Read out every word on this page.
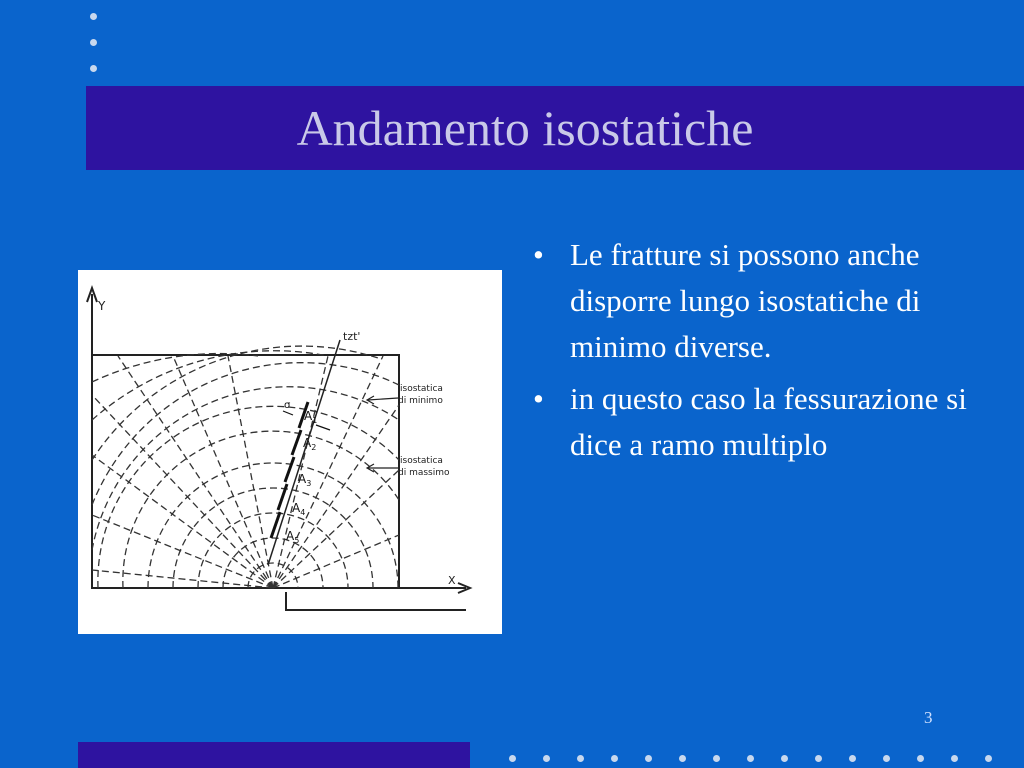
Andamento isostatiche
Y
X
tzt'
$A_1$
$A_2$
$A_3$
$A_4$
$A_5$
σ
isostatica di minimo
isostatica di massimo
• Le fratture si possono anche disporre lungo isostatiche di minimo diverse.
• in questo caso la fessurazione si dice a ramo multiplo
3
